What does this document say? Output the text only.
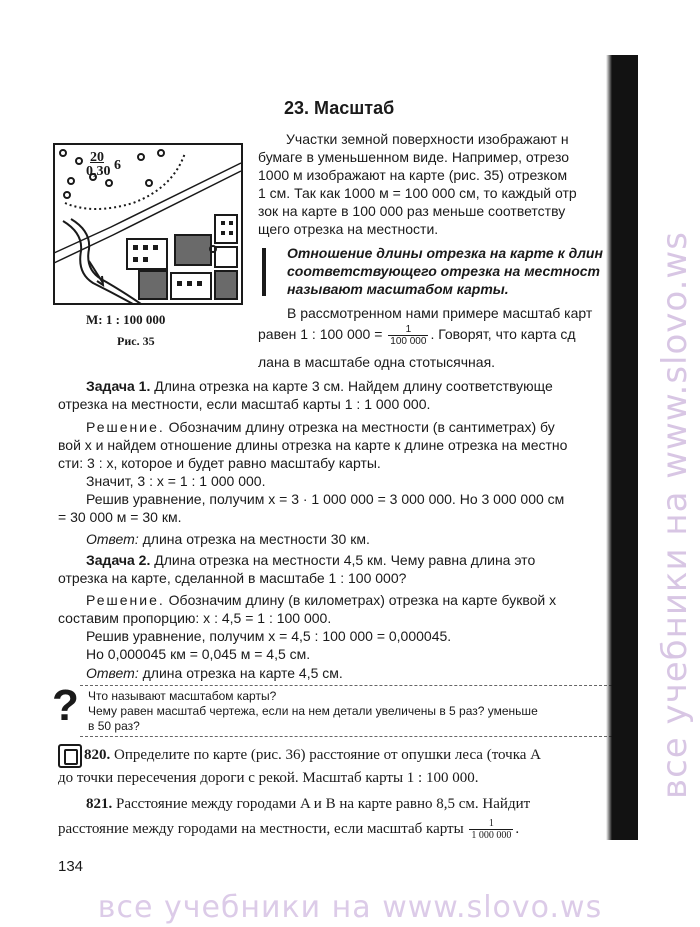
23. Масштаб
20
0,30 6
М: 1 : 100 000
Рис. 35
Участки земной поверхности изображают н
бумаге в уменьшенном виде. Например, отрезо
1000 м изображают на карте (рис. 35) отрезком
1 см. Так как 1000 м = 100 000 см, то каждый отр
зок на карте в 100 000 раз меньше соответству
щего отрезка на местности.
Отношение длины отрезка на карте к длин
соответствующего отрезка на местност
называют масштабом карты.
В рассмотренном нами примере масштаб карт
равен 1 : 100 $000 = \frac{1}{100 000}$ . Говорят, что карта сд
лана в масштабе одна стотысячная.
Задача 1. Длина отрезка на карте 3 см. Найдем длину соответствующе
отрезка на местности, если масштаб карты 1 : 1 000 000.
Решение. Обозначим длину отрезка на местности (в сантиметрах) бу
вой x и найдем отношение длины отрезка на карте к длине отрезка на местно
сти: 3 : x, которое и будет равно масштабу карты.
Значит, 3 : x = 1 : 1 000 000.
Решив уравнение, получим x = 3 · 1 000 000 = 3 000 000. Но 3 000 000 см
= 30 000 м = 30 км.
Ответ: длина отрезка на местности 30 км.
Задача 2. Длина отрезка на местности 4,5 км. Чему равна длина это
отрезка на карте, сделанной в масштабе 1 : 100 000?
Решение. Обозначим длину (в километрах) отрезка на карте буквой x
составим пропорцию: x : 4,5 = 1 : 100 000.
Решив уравнение, получим x = 4,5 : 100 000 = 0,000045.
Но 0,000045 км = 0,045 м = 4,5 см.
Ответ: длина отрезка на карте 4,5 см.
? Что называют масштабом карты?
Чему равен масштаб чертежа, если на нем детали увеличены в 5 раз? уменьше
в 50 раз?
820. Определите по карте (рис. 36) расстояние от опушки леса (точка А
до точки пересечения дороги с рекой. Масштаб карты 1 : 100 000.
821. Расстояние между городами A и B на карте равно 8,5 см. Найдит
расстояние между городами на местности, если масштаб карты $\frac{1}{1 000 000}$ .
134
все учебники на www.slovo.ws
все учебники на www.slovo.ws
